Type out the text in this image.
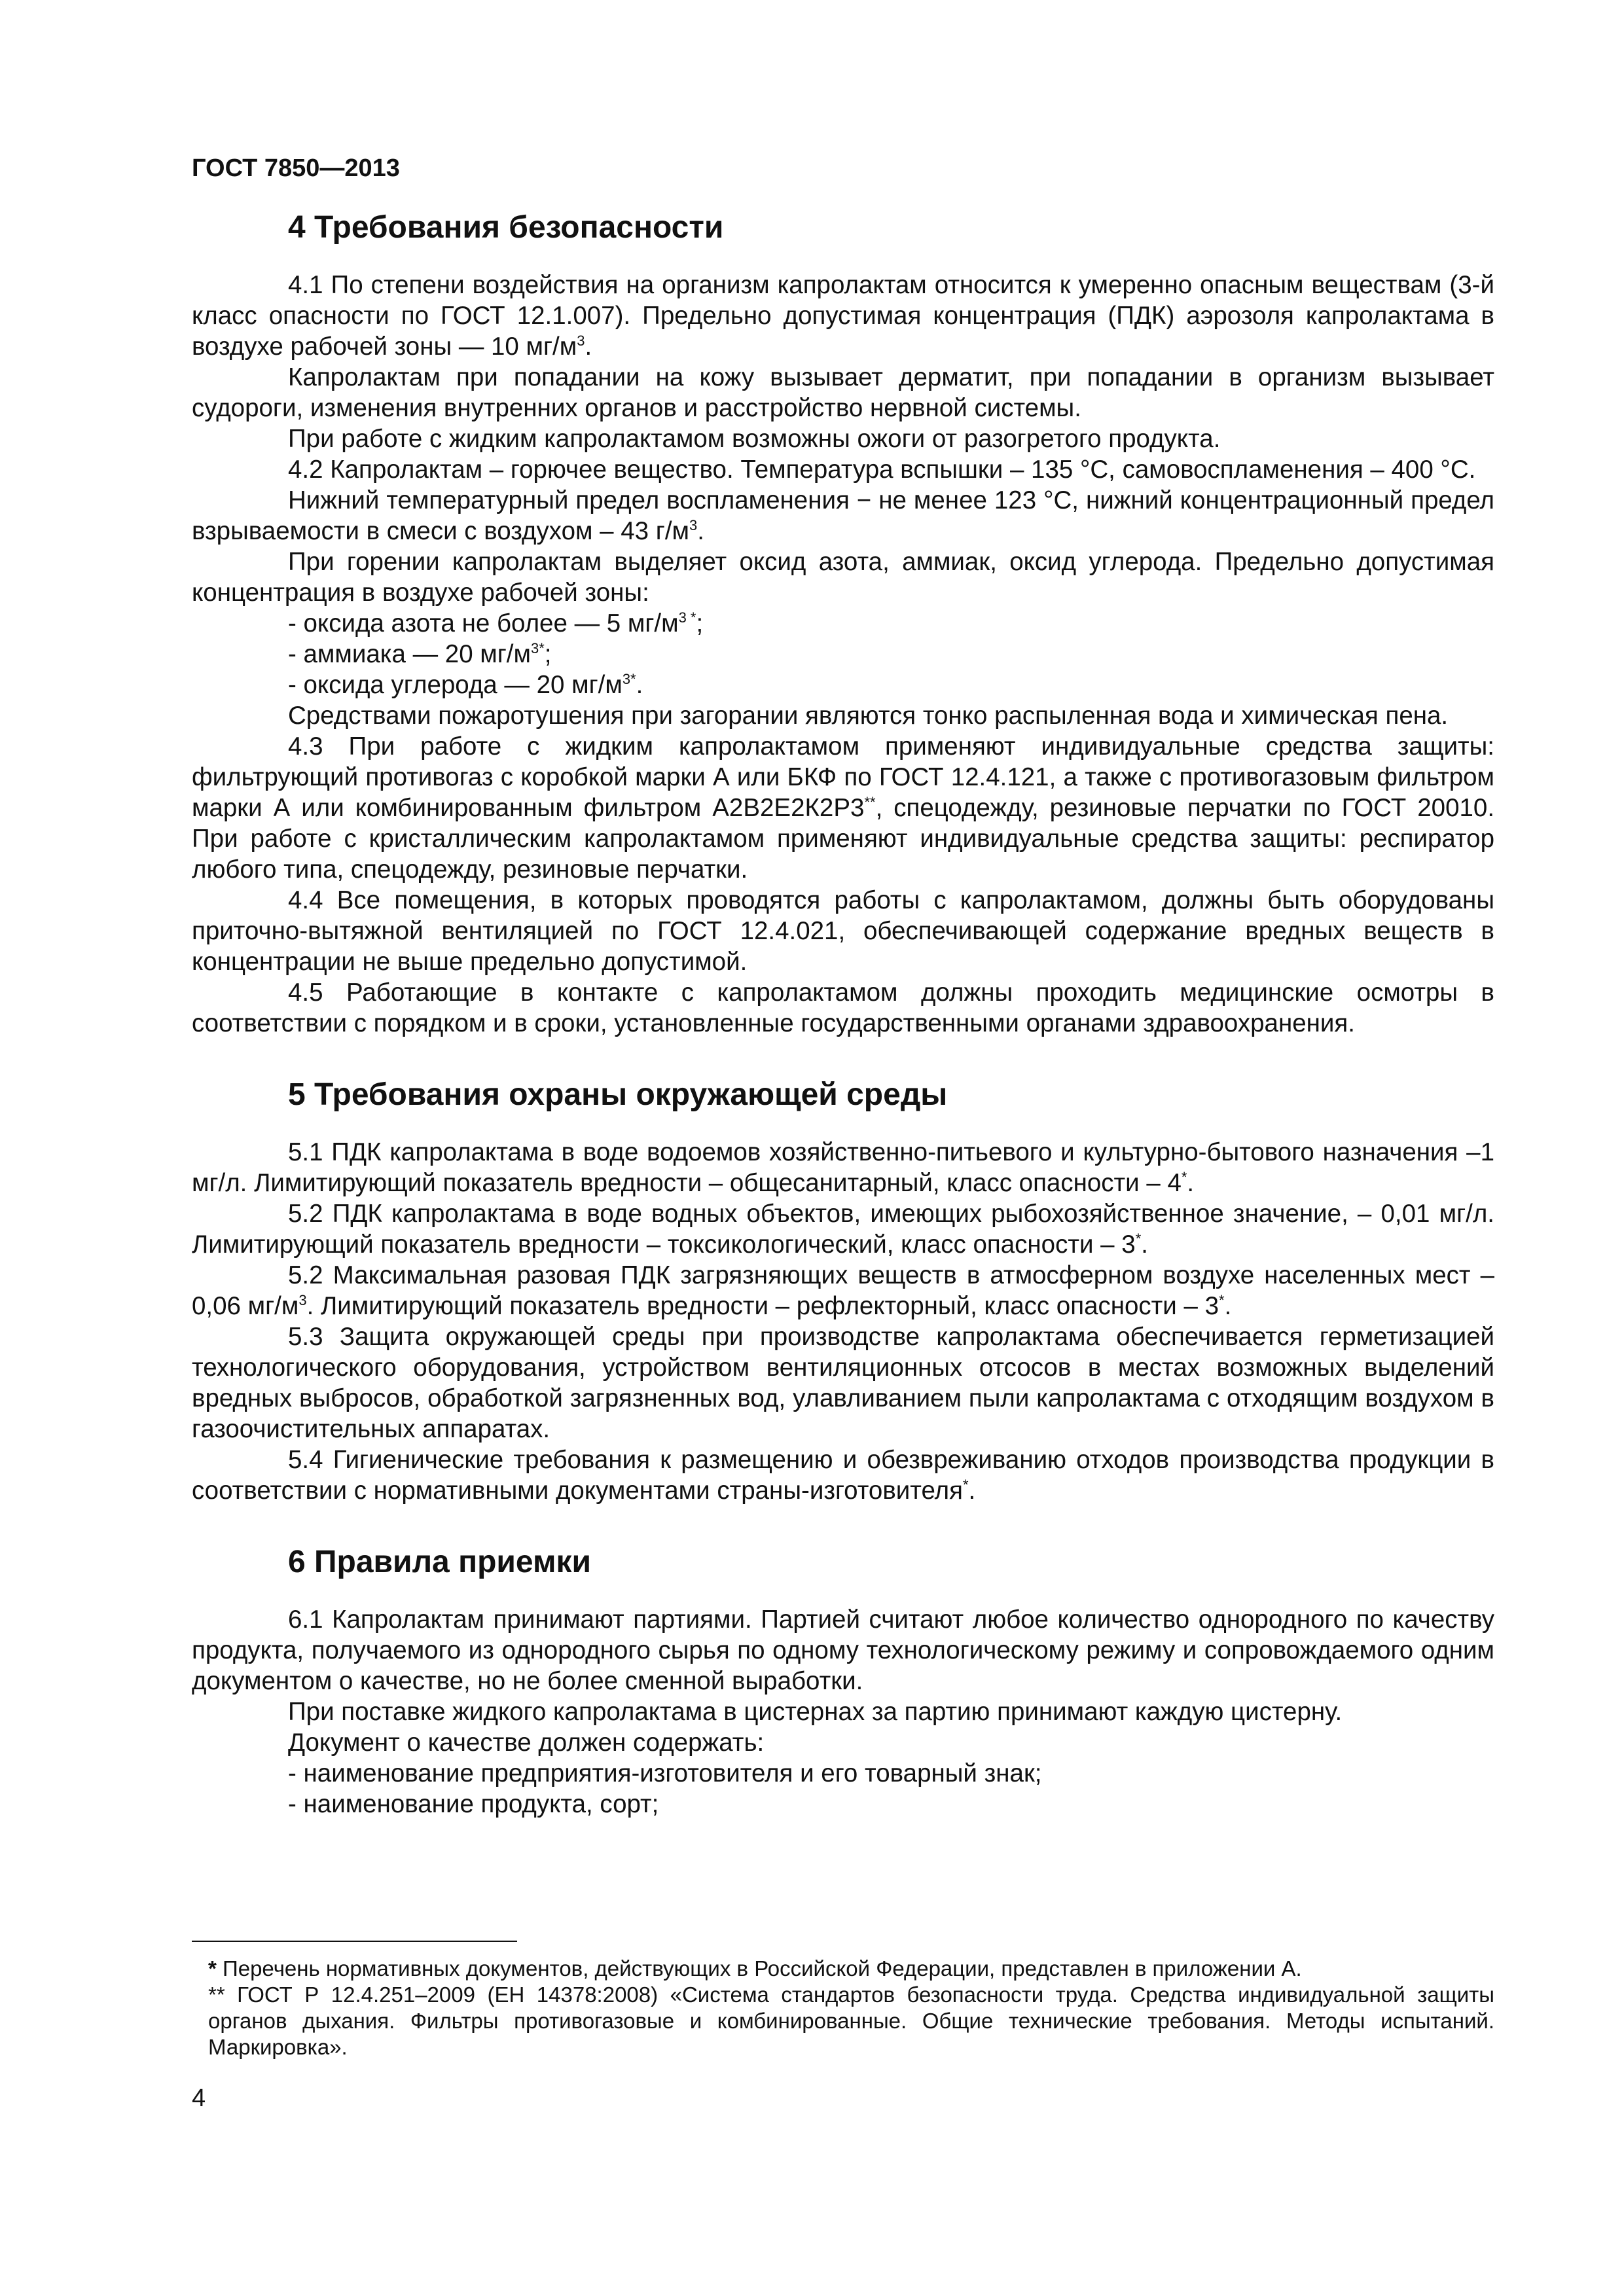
ГОСТ 7850—2013
4 Требования безопасности

4.1 По степени воздействия на организм капролактам относится к умеренно опасным веществам (3-й класс опасности по ГОСТ 12.1.007). Предельно допустимая концентрация (ПДК) аэрозоля капролактама в воздухе рабочей зоны — 10 $мг/м^3$.

Капролактам при попадании на кожу вызывает дерматит, при попадании в организм вызывает судороги, изменения внутренних органов и расстройство нервной системы.

При работе с жидким капролактамом возможны ожоги от разогретого продукта.

4.2 Капролактам – горючее вещество. Температура вспышки – 135 °С, самовоспламенения – 400 °С.

Нижний температурный предел воспламенения − не менее 123 °С, нижний концентрационный предел взрываемости в смеси с воздухом – 43 $г/м^3$.

При горении капролактам выделяет оксид азота, аммиак, оксид углерода. Предельно допустимая концентрация в воздухе рабочей зоны:

- оксида азота не более — 5 $мг/м^{3 *}$;

- аммиака — 20 $мг/м^{3*}$;

- оксида углерода — 20 $мг/м^{3*}$.

Средствами пожаротушения при загорании являются тонко распыленная вода и химическая пена.

4.3 При работе с жидким капролактамом применяют индивидуальные средства защиты: фильтрующий противогаз с коробкой марки А или БКФ по ГОСТ 12.4.121, а также с противогазовым фильтром марки А или комбинированным фильтром А2В2Е2К2Р3**, спецодежду, резиновые перчатки по ГОСТ 20010. При работе с кристаллическим капролактамом применяют индивидуальные средства защиты: респиратор любого типа, спецодежду, резиновые перчатки.

4.4 Все помещения, в которых проводятся работы с капролактамом, должны быть оборудованы приточно-вытяжной вентиляцией по ГОСТ 12.4.021, обеспечивающей содержание вредных веществ в концентрации не выше предельно допустимой.

4.5 Работающие в контакте с капролактамом должны проходить медицинские осмотры в соответствии с порядком и в сроки, установленные государственными органами здравоохранения.

5 Требования охраны окружающей среды

5.1 ПДК капролактама в воде водоемов хозяйственно-питьевого и культурно-бытового назначения –1 мг/л. Лимитирующий показатель вредности – общесанитарный, класс опасности – 4*.

5.2 ПДК капролактама в воде водных объектов, имеющих рыбохозяйственное значение, – 0,01 мг/л. Лимитирующий показатель вредности – токсикологический, класс опасности – 3*.

5.2 Максимальная разовая ПДК загрязняющих веществ в атмосферном воздухе населенных мест – 0,06 $мг/м^3$. Лимитирующий показатель вредности – рефлекторный, класс опасности – 3*.

5.3 Защита окружающей среды при производстве капролактама обеспечивается герметизацией технологического оборудования, устройством вентиляционных отсосов в местах возможных выделений вредных выбросов, обработкой загрязненных вод, улавливанием пыли капролактама с отходящим воздухом в газоочистительных аппаратах.

5.4 Гигиенические требования к размещению и обезвреживанию отходов производства продукции в соответствии с нормативными документами страны-изготовителя*.

6 Правила приемки

6.1 Капролактам принимают партиями. Партией считают любое количество однородного по качеству продукта, получаемого из однородного сырья по одному технологическому режиму и сопровождаемого одним документом о качестве, но не более сменной выработки.

При поставке жидкого капролактама в цистернах за партию принимают каждую цистерну.

Документ о качестве должен содержать:

- наименование предприятия-изготовителя и его товарный знак;

- наименование продукта, сорт;

* Перечень нормативных документов, действующих в Российской Федерации, представлен в приложении А.

** ГОСТ Р 12.4.251–2009 (ЕН 14378:2008) «Система стандартов безопасности труда. Средства индивидуальной защиты органов дыхания. Фильтры противогазовые и комбинированные. Общие технические требования. Методы испытаний. Маркировка».

4
